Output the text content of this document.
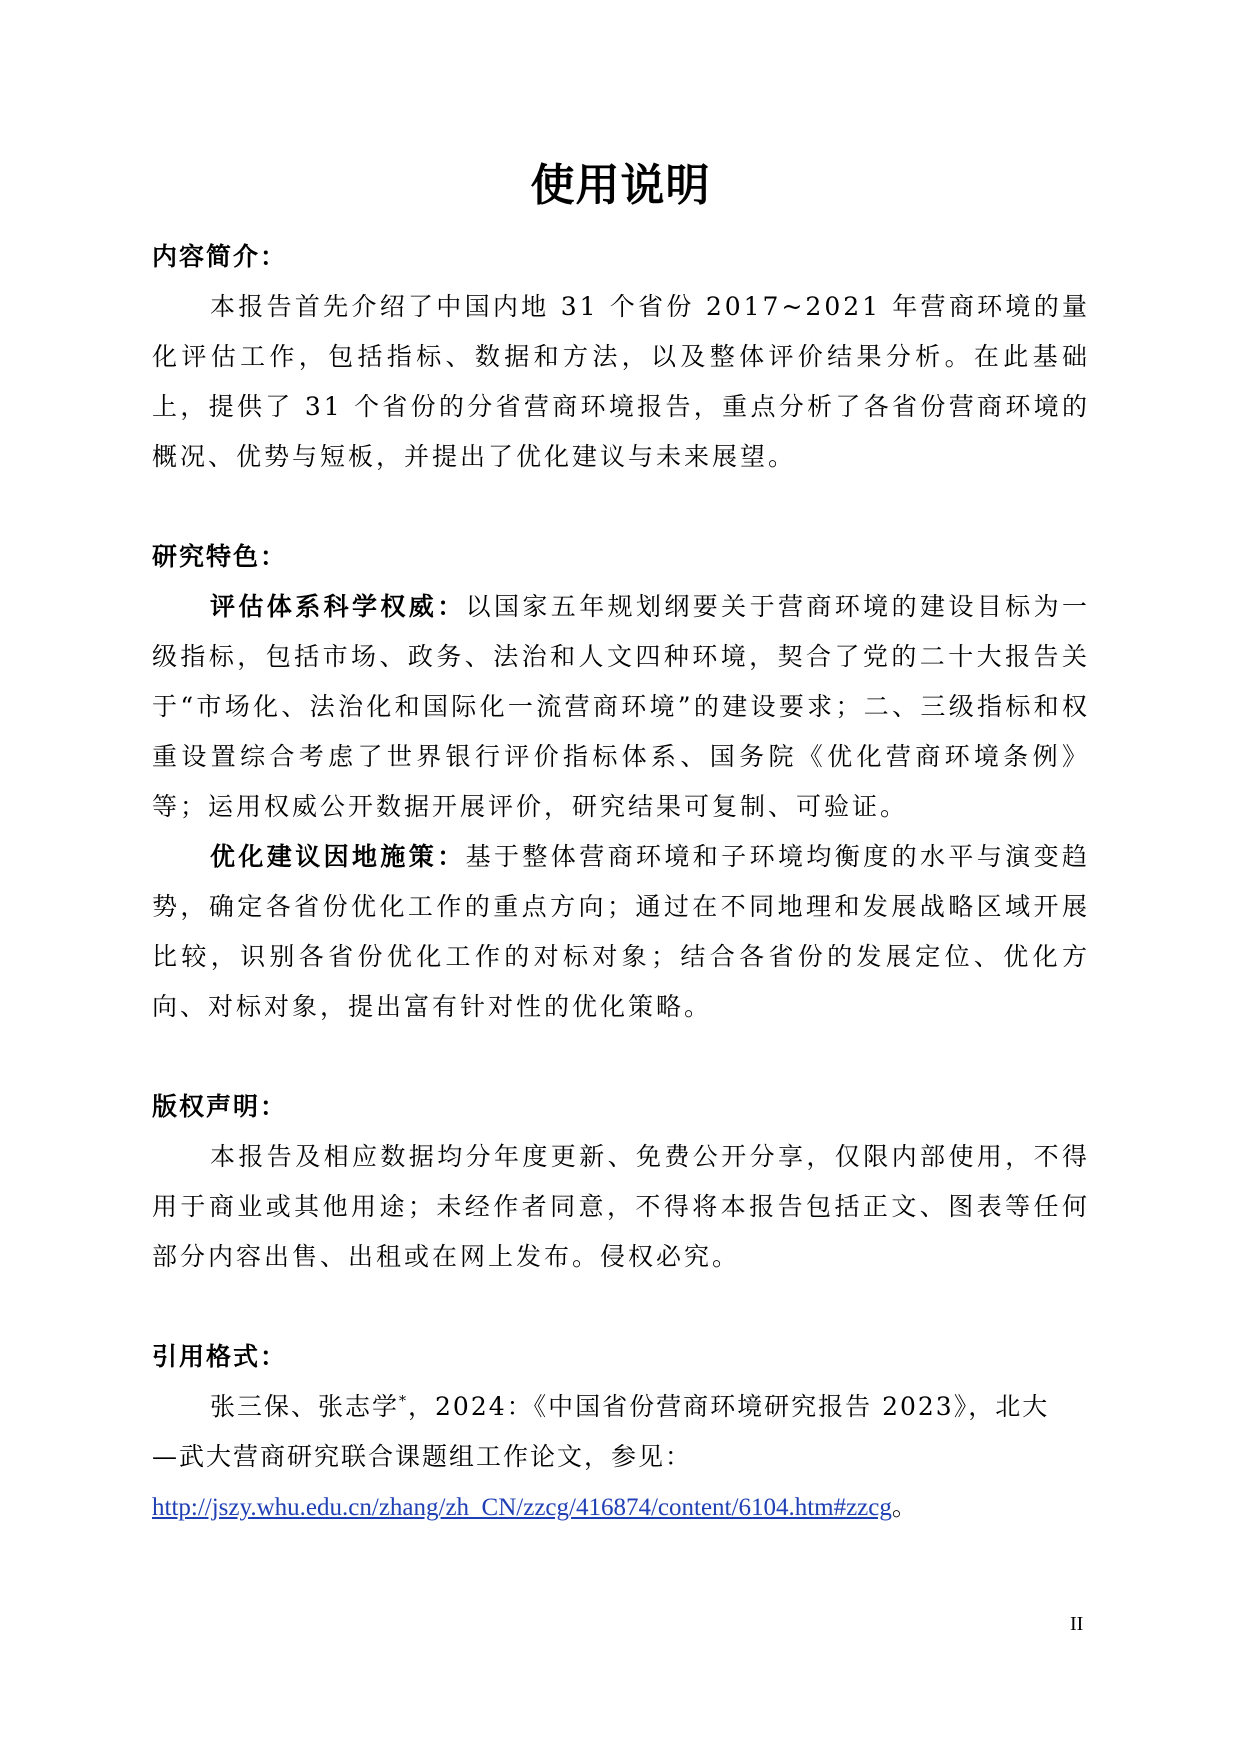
使用说明

内容简介：

本报告首先介绍了中国内地 31 个省份 2017~2021 年营商环境的量化评估工作，包括指标、数据和方法，以及整体评价结果分析。在此基础上，提供了 31 个省份的分省营商环境报告，重点分析了各省份营商环境的概况、优势与短板，并提出了优化建议与未来展望。

研究特色：

评估体系科学权威：以国家五年规划纲要关于营商环境的建设目标为一级指标，包括市场、政务、法治和人文四种环境，契合了党的二十大报告关于“市场化、法治化和国际化一流营商环境”的建设要求；二、三级指标和权重设置综合考虑了世界银行评价指标体系、国务院《优化营商环境条例》等；运用权威公开数据开展评价，研究结果可复制、可验证。

优化建议因地施策：基于整体营商环境和子环境均衡度的水平与演变趋势，确定各省份优化工作的重点方向；通过在不同地理和发展战略区域开展比较，识别各省份优化工作的对标对象；结合各省份的发展定位、优化方向、对标对象，提出富有针对性的优化策略。

版权声明：

本报告及相应数据均分年度更新、免费公开分享，仅限内部使用，不得用于商业或其他用途；未经作者同意，不得将本报告包括正文、图表等任何部分内容出售、出租或在网上发布。侵权必究。

引用格式：

张三保、张志学*，2024：《中国省份营商环境研究报告 2023》，北大

—武大营商研究联合课题组工作论文，参见：

http://jszy.whu.edu.cn/zhang/zh_CN/zzcg/416874/content/6104.htm#zzcg。

II
